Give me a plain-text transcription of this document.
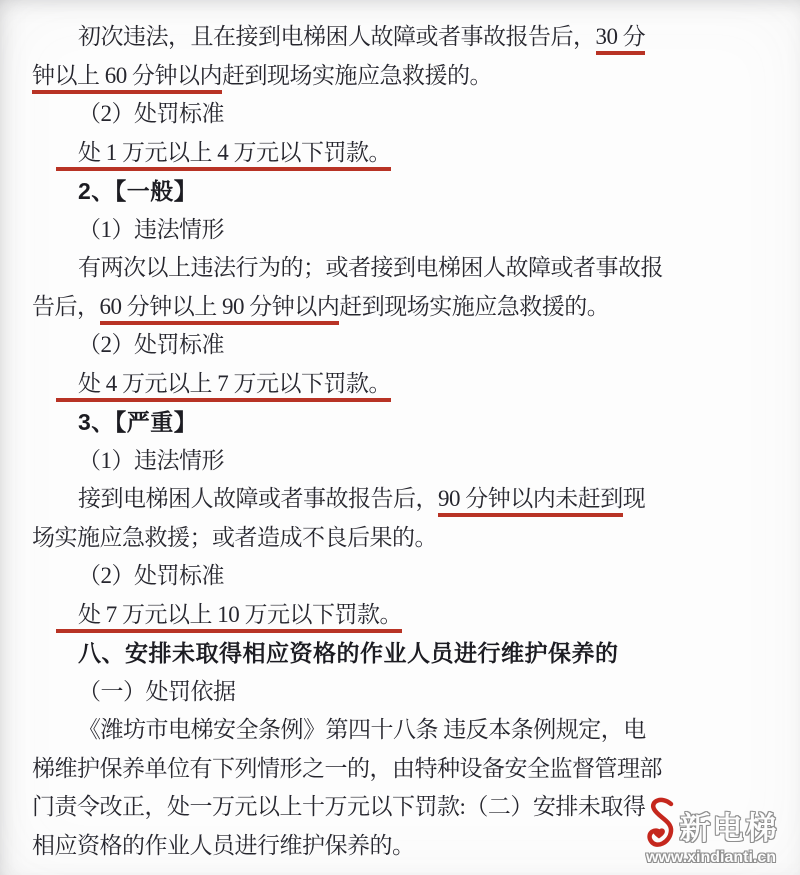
初次违法，且在接到电梯困人故障或者事故报告后，30 分
钟以上 60 分钟以内赶到现场实施应急救援的。
（2）处罚标准
处 1 万元以上 4 万元以下罚款。
2、【一般】
（1）违法情形
有两次以上违法行为的；或者接到电梯困人故障或者事故报
告后，60 分钟以上 90 分钟以内赶到现场实施应急救援的。
（2）处罚标准
处 4 万元以上 7 万元以下罚款。
3、【严重】
（1）违法情形
接到电梯困人故障或者事故报告后，90 分钟以内未赶到现
场实施应急救援；或者造成不良后果的。
（2）处罚标准
处 7 万元以上 10 万元以下罚款。
八、安排未取得相应资格的作业人员进行维护保养的
（一）处罚依据
《潍坊市电梯安全条例》第四十八条 违反本条例规定，电
梯维护保养单位有下列情形之一的，由特种设备安全监督管理部
门责令改正，处一万元以上十万元以下罚款:（二）安排未取得
相应资格的作业人员进行维护保养的。	新电梯
www.xindianti.cn
